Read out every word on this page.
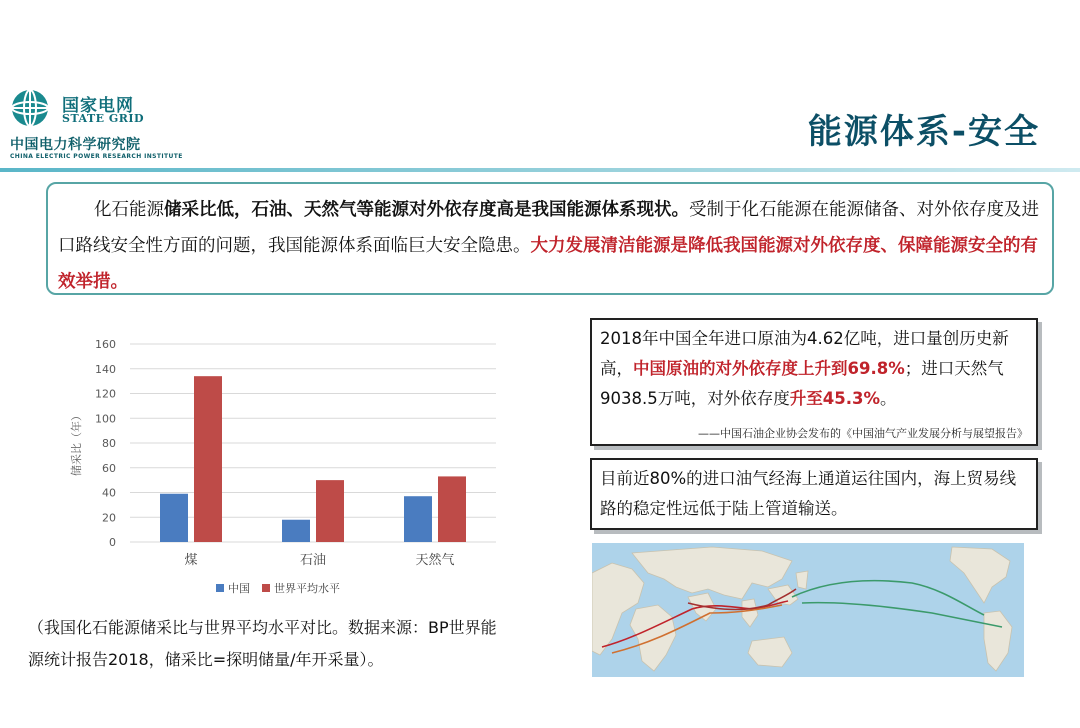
国家电网
STATE GRID
中国电力科学研究院
CHINA ELECTRIC POWER RESEARCH INSTITUTE
能源体系-安全
化石能源储采比低，石油、天然气等能源对外依存度高是我国能源体系现状。受制于化石能源在能源储备、对外依存度及进口路线安全性方面的问题，我国能源体系面临巨大安全隐患。大力发展清洁能源是降低我国能源对外依存度、保障能源安全的有效举措。
0
20
40
60
80
100
120
140
160
储采比（年）
煤	石油	天然气
中国 世界平均水平
（我国化石能源储采比与世界平均水平对比。数据来源：BP世界能
源统计报告2018，储采比=探明储量/年开采量）。
2018年中国全年进口原油为4.62亿吨，进口量创历史新高，中国原油的对外依存度上升到69.8%；进口天然气9038.5万吨，对外依存度升至45.3%。
——中国石油企业协会发布的《中国油气产业发展分析与展望报告》
目前近80%的进口油气经海上通道运往国内，海上贸易线路的稳定性远低于陆上管道输送。
